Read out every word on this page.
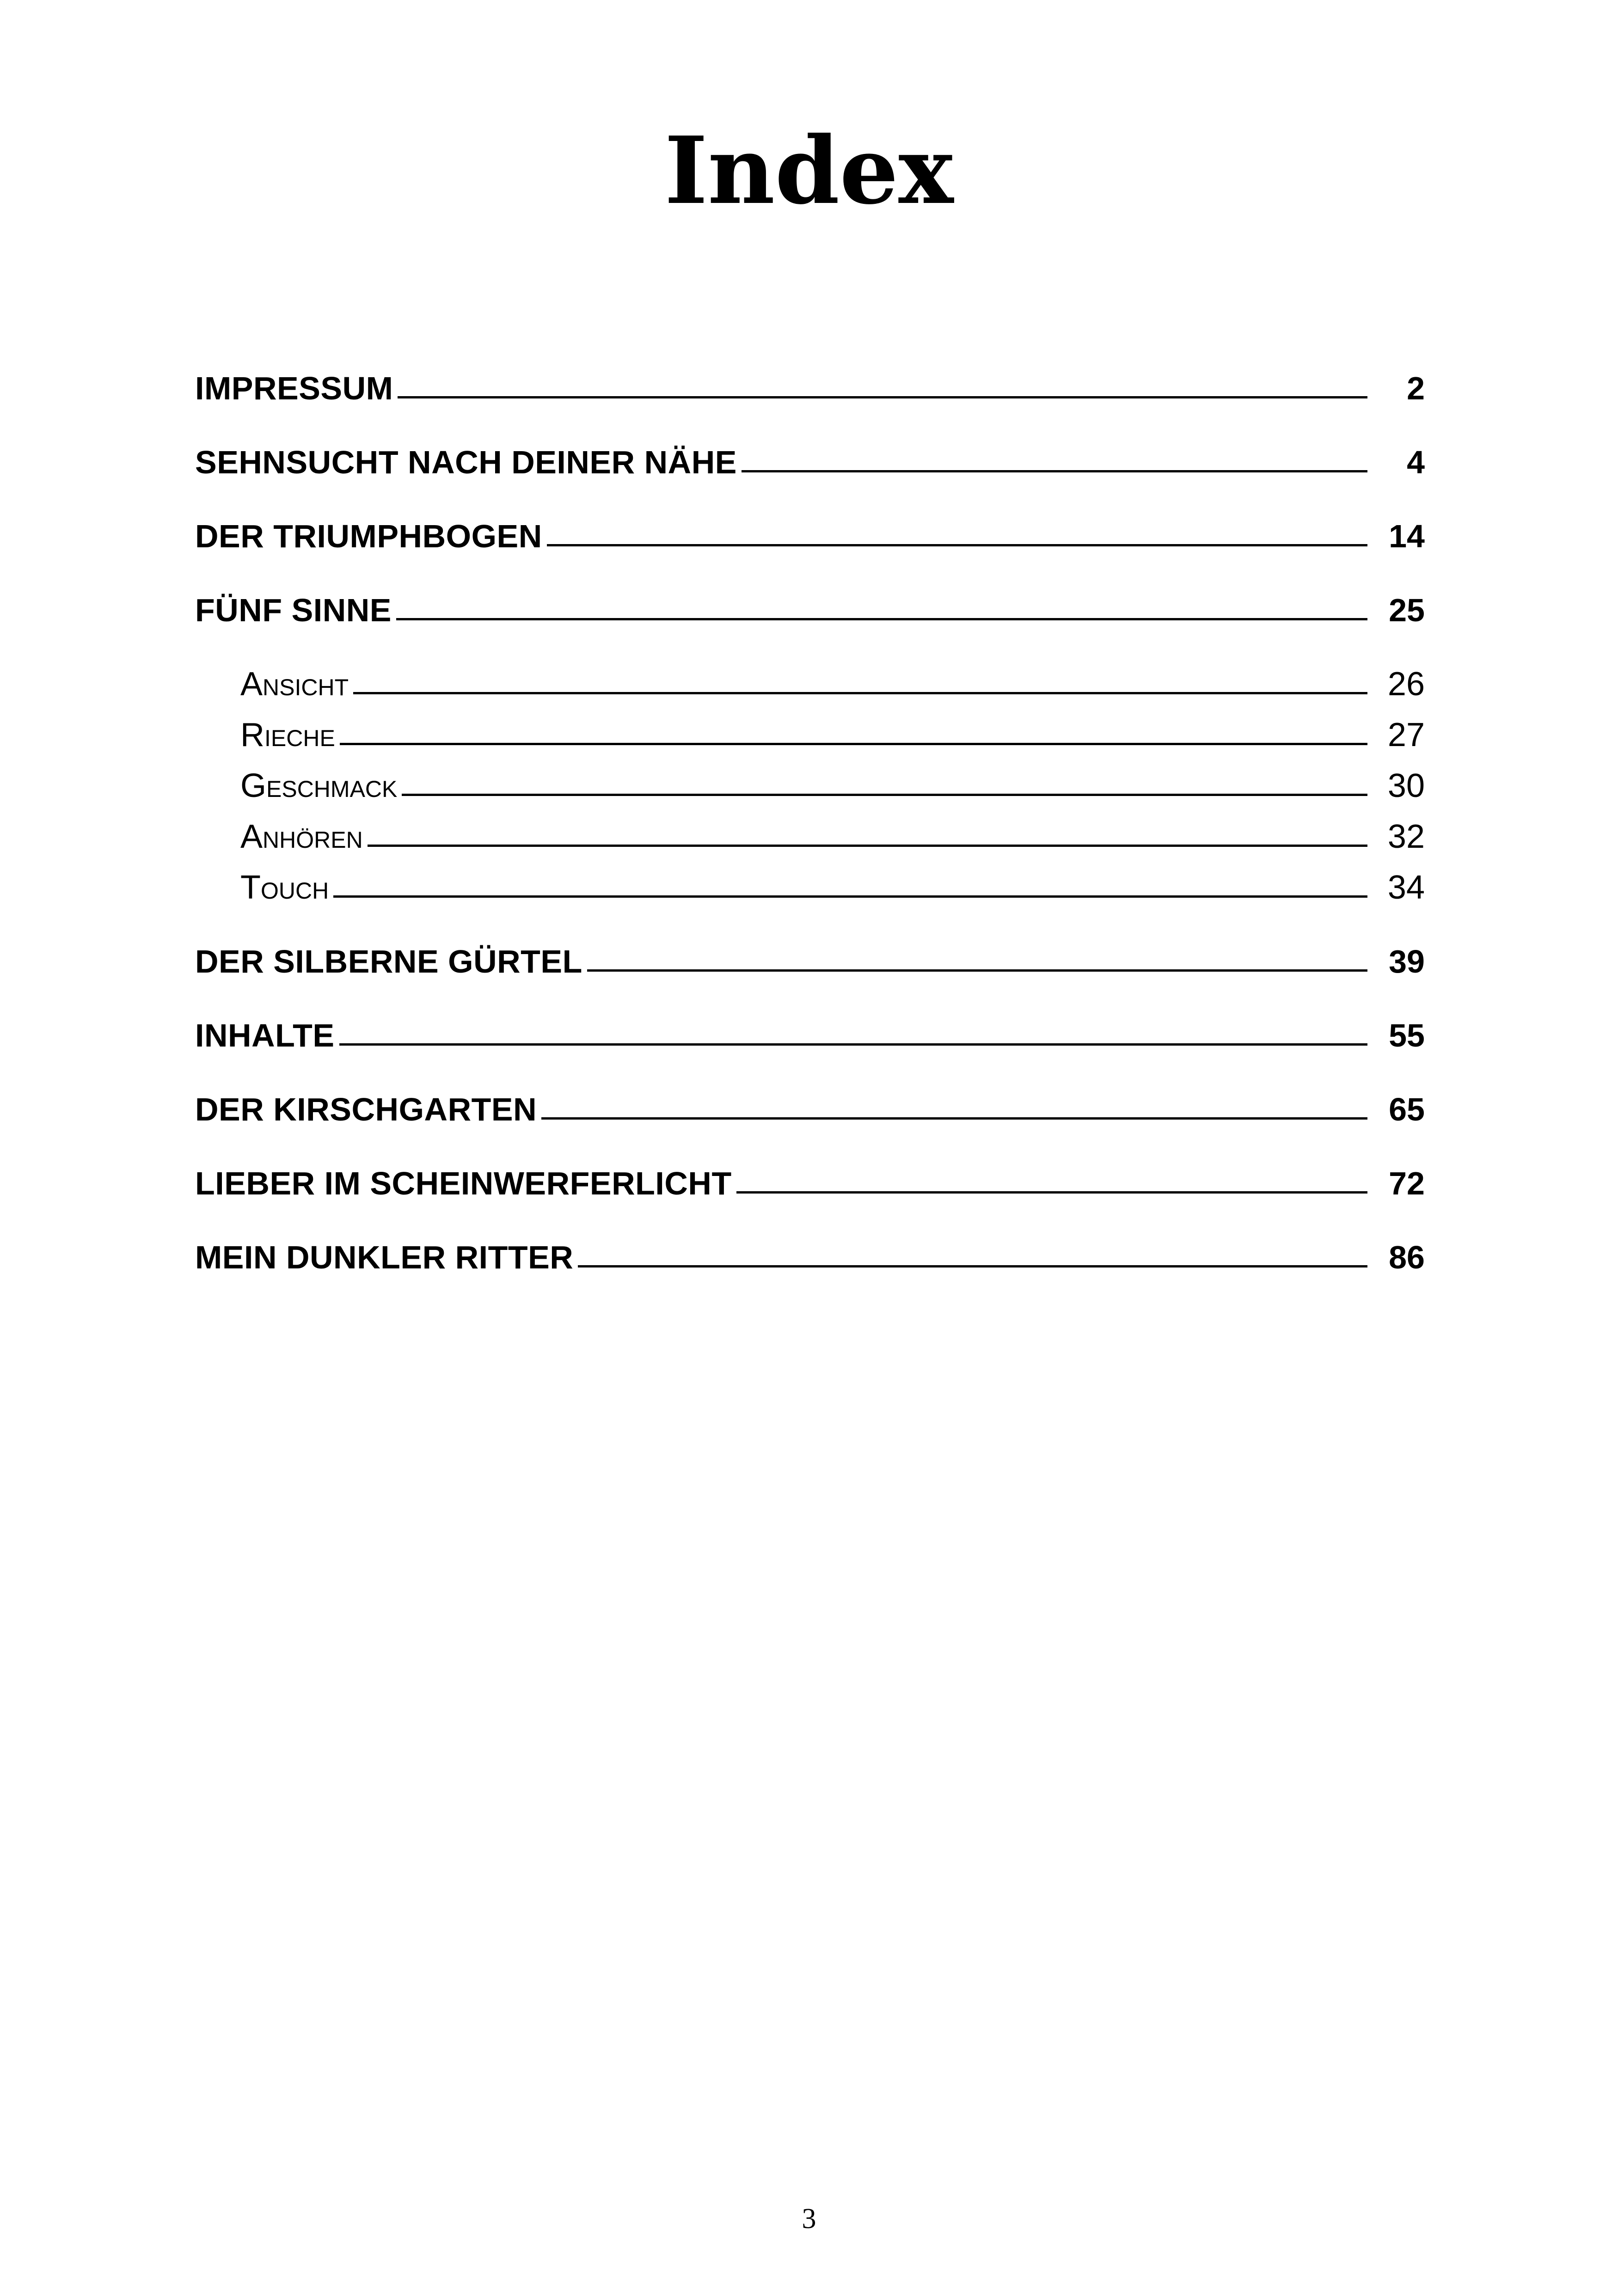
Index
IMPRESSUM	2
SEHNSUCHT NACH DEINER NÄHE	4
DER TRIUMPHBOGEN	14
FÜNF SINNE	25
Ansicht	26
Rieche	27
Geschmack	30
Anhören	32
Touch	34
DER SILBERNE GÜRTEL	39
INHALTE	55
DER KIRSCHGARTEN	65
LIEBER IM SCHEINWERFERLICHT	72
MEIN DUNKLER RITTER	86
3
